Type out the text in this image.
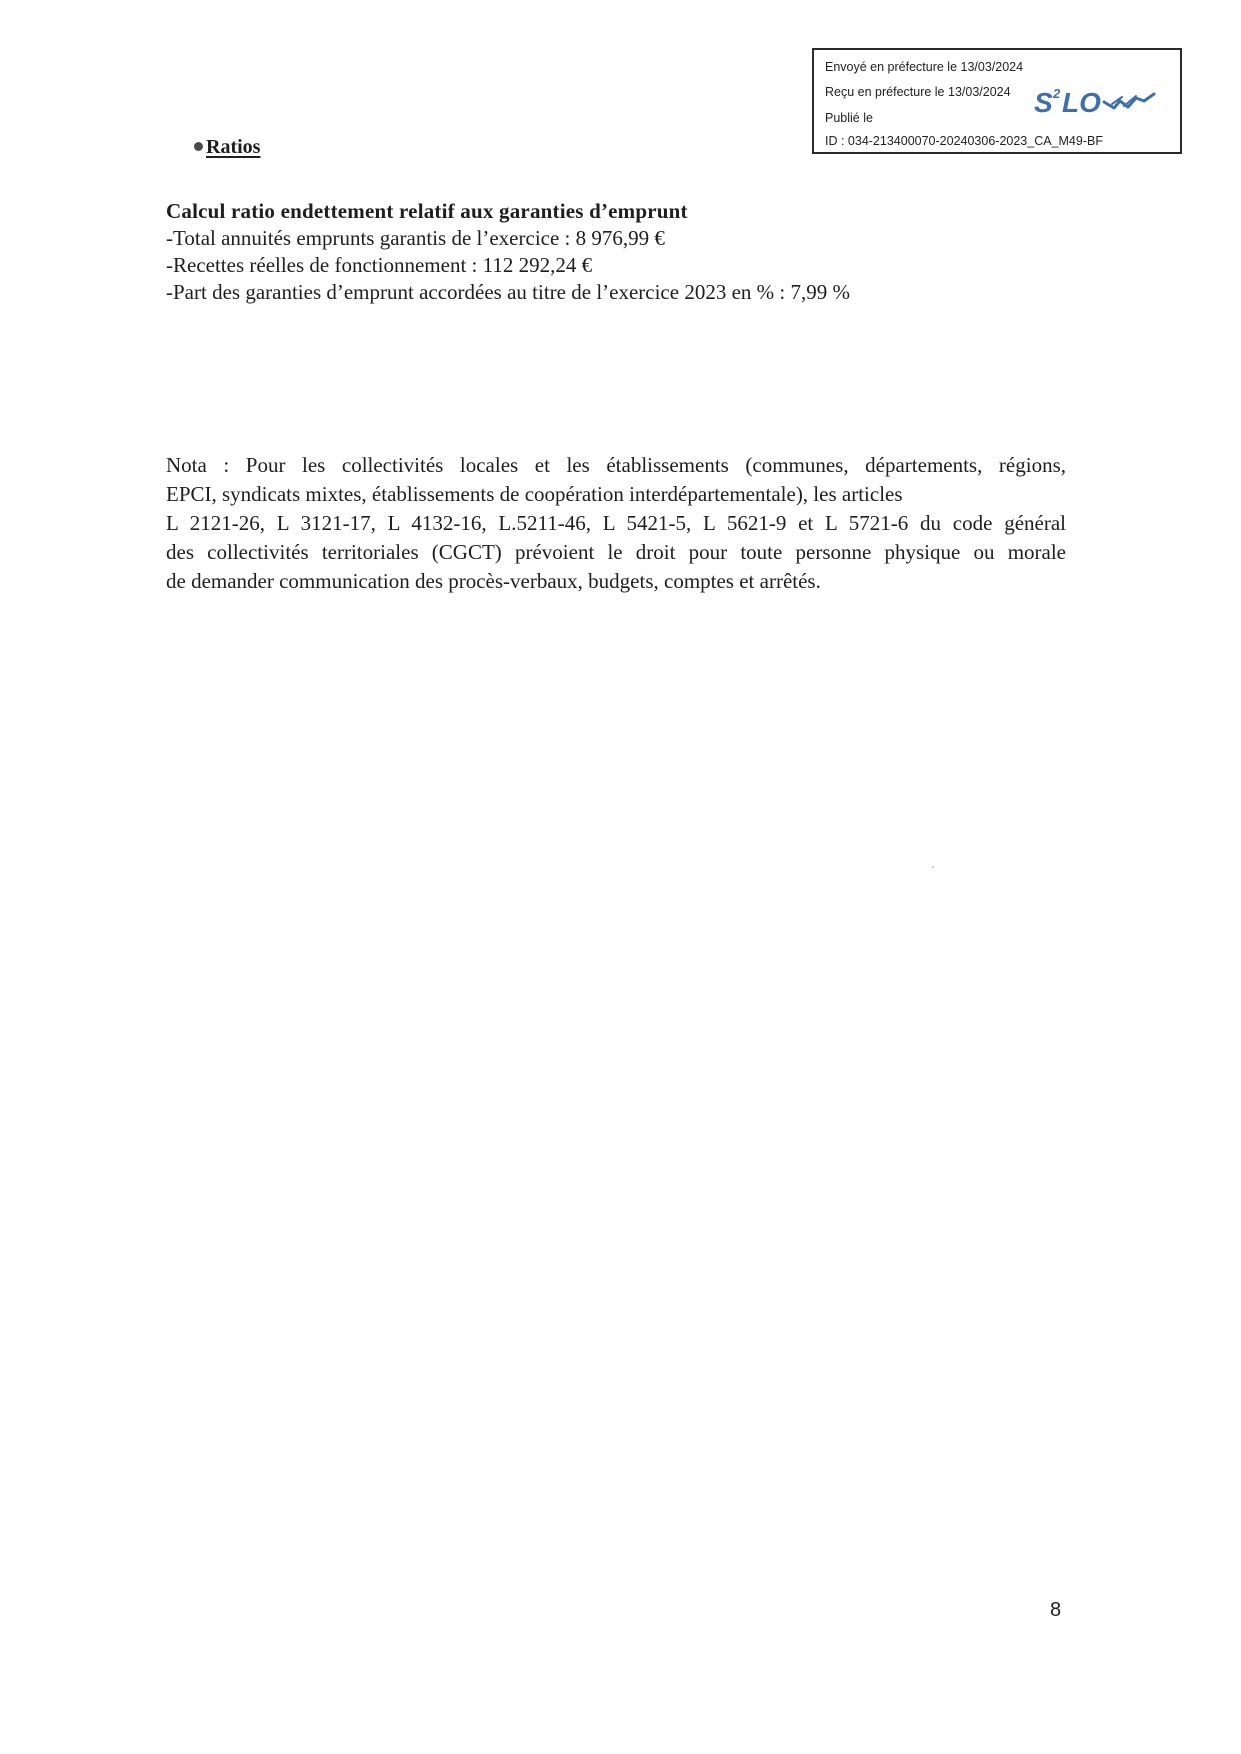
Envoyé en préfecture le 13/03/2024
Reçu en préfecture le 13/03/2024
Publié le
ID : 034-213400070-20240306-2023_CA_M49-BF
S 2 LO
Ratios
Calcul ratio endettement relatif aux garanties d’emprunt
-Total annuités emprunts garantis de l’exercice : 8 976,99 €
-Recettes réelles de fonctionnement : 112 292,24 €
-Part des garanties d’emprunt accordées au titre de l’exercice 2023 en % : 7,99 %
Nota : Pour les collectivités locales et les établissements (communes, départements, régions,
EPCI, syndicats mixtes, établissements de coopération interdépartementale), les articles
L 2121-26, L 3121-17, L 4132-16, L.5211-46, L 5421-5, L 5621-9 et L 5721-6 du code général
des collectivités territoriales (CGCT) prévoient le droit pour toute personne physique ou morale
de demander communication des procès-verbaux, budgets, comptes et arrêtés.
8
